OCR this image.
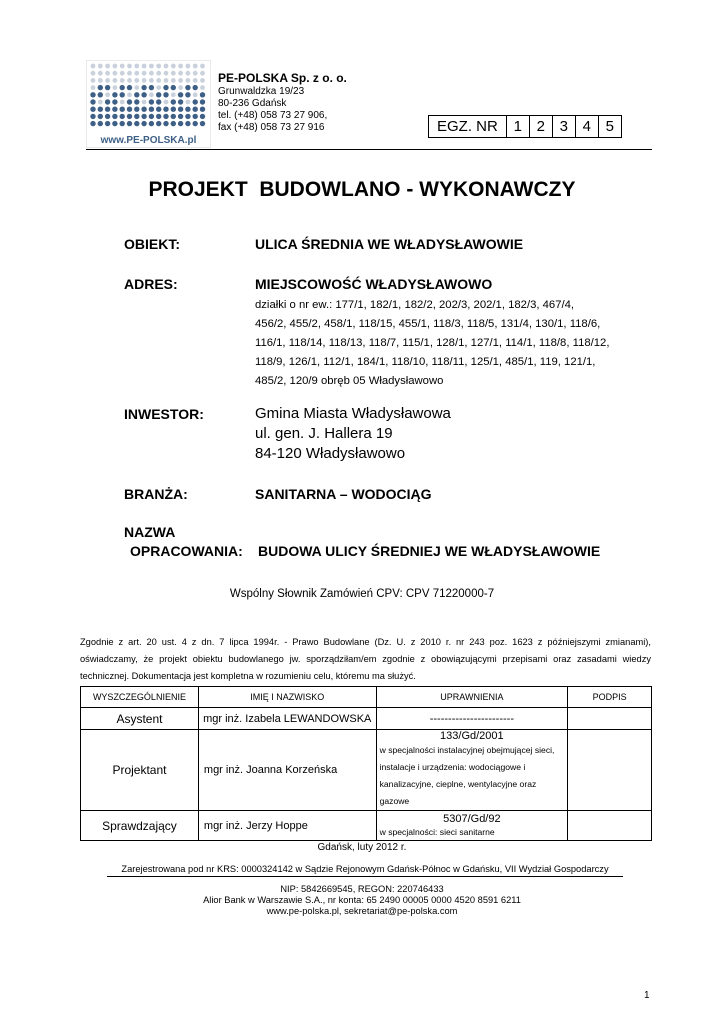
www.PE-POLSKA.pl
PE-POLSKA Sp. z o. o.
Grunwaldzka 19/23
80-236 Gdańsk
tel. (+48) 058 73 27 906,
fax (+48) 058 73 27 916	EGZ. NR	1 2 3 4 5
PROJEKT  BUDOWLANO - WYKONAWCZY
OBIEKT:	ULICA ŚREDNIA WE WŁADYSŁAWOWIE
ADRES:	MIEJSCOWOŚĆ WŁADYSŁAWOWO
działki o nr ew.: 177/1, 182/1, 182/2, 202/3, 202/1, 182/3, 467/4,
456/2, 455/2, 458/1, 118/15, 455/1, 118/3, 118/5, 131/4, 130/1, 118/6,
116/1, 118/14, 118/13, 118/7, 115/1, 128/1, 127/1, 114/1, 118/8, 118/12,
118/9, 126/1, 112/1, 184/1, 118/10, 118/11, 125/1, 485/1, 119, 121/1,
485/2, 120/9 obręb 05 Władysławowo
INWESTOR:	Gmina Miasta Władysławowa
ul. gen. J. Hallera 19
84-120 Władysławowo
BRANŻA:	SANITARNA – WODOCIĄG
NAZWA
OPRACOWANIA: BUDOWA ULICY ŚREDNIEJ WE WŁADYSŁAWOWIE
Wspólny Słownik Zamówień CPV: CPV 71220000-7
Zgodnie z art. 20 ust. 4 z dn. 7 lipca 1994r. - Prawo Budowlane (Dz. U. z 2010 r. nr 243 poz. 1623 z późniejszymi zmianami),
oświadczamy, że projekt obiektu budowlanego jw. sporządziłam/em zgodnie z obowiązującymi przepisami oraz zasadami wiedzy
technicznej. Dokumentacja jest kompletna w rozumieniu celu, któremu ma służyć.
WYSZCZEGÓLNIENIE	IMIĘ I NAZWISKO	UPRAWNIENIA	PODPIS
Asystent	mgr inż. Izabela LEWANDOWSKA	-----------------------	
Projektant	mgr inż. Joanna Korzeńska	133/Gd/2001
w specjalności instalacyjnej obejmującej sieci,
instalacje i urządzenia: wodociągowe i
kanalizacyjne, cieplne, wentylacyjne oraz gazowe	

Sprawdzający	mgr inż. Jerzy Hoppe	5307/Gd/92
w specjalności: sieci sanitarne	

Gdańsk, luty 2012 r.
Zarejestrowana pod nr KRS: 0000324142 w Sądzie Rejonowym Gdańsk-Północ w Gdańsku, VII Wydział Gospodarczy
NIP: 5842669545, REGON: 220746433
Alior Bank w Warszawie S.A., nr konta: 65 2490 00005 0000 4520 8591 6211
www.pe-polska.pl, sekretariat@pe-polska.com
1
